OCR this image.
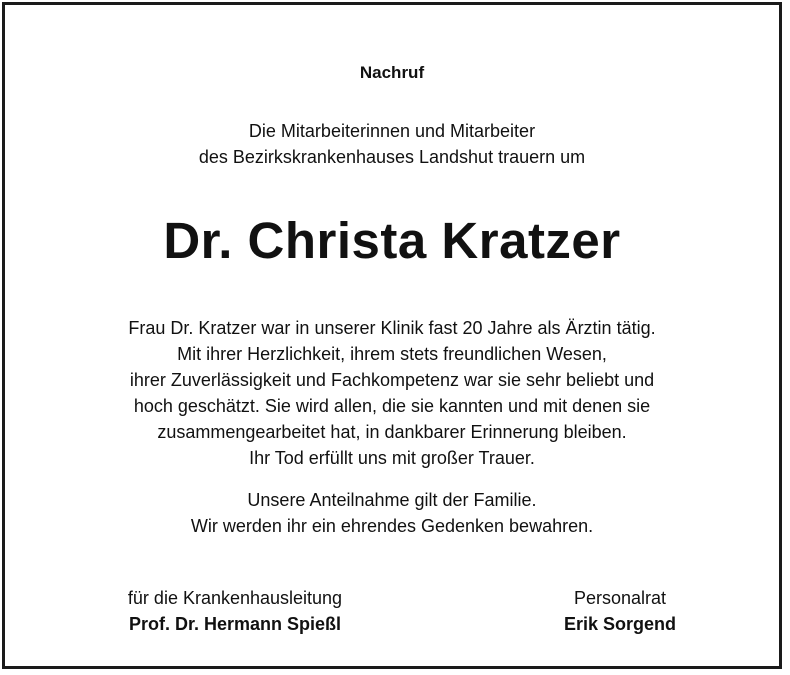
Nachruf
Die Mitarbeiterinnen und Mitarbeiter
des Bezirkskrankenhauses Landshut trauern um
Dr. Christa Kratzer
Frau Dr. Kratzer war in unserer Klinik fast 20 Jahre als Ärztin tätig.
Mit ihrer Herzlichkeit, ihrem stets freundlichen Wesen,
ihrer Zuverlässigkeit und Fachkompetenz war sie sehr beliebt und
hoch geschätzt. Sie wird allen, die sie kannten und mit denen sie
zusammengearbeitet hat, in dankbarer Erinnerung bleiben.
Ihr Tod erfüllt uns mit großer Trauer.
Unsere Anteilnahme gilt der Familie.
Wir werden ihr ein ehrendes Gedenken bewahren.
für die Krankenhausleitung
Prof. Dr. Hermann Spießl
Personalrat
Erik Sorgend
